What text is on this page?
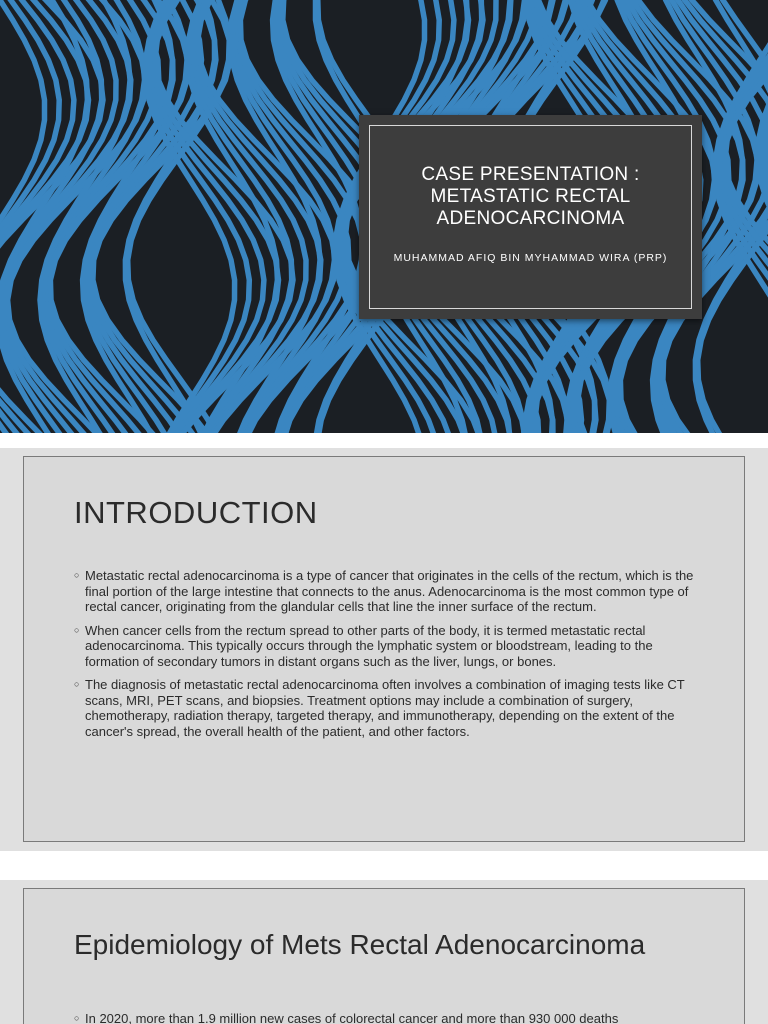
CASE PRESENTATION : METASTATIC RECTAL ADENOCARCINOMA
MUHAMMAD AFIQ BIN MYHAMMAD WIRA (PRP)
INTRODUCTION
○ Metastatic rectal adenocarcinoma is a type of cancer that originates in the cells of the rectum, which is the final portion of the large intestine that connects to the anus. Adenocarcinoma is the most common type of rectal cancer, originating from the glandular cells that line the inner surface of the rectum.
○ When cancer cells from the rectum spread to other parts of the body, it is termed metastatic rectal adenocarcinoma. This typically occurs through the lymphatic system or bloodstream, leading to the formation of secondary tumors in distant organs such as the liver, lungs, or bones.
○ The diagnosis of metastatic rectal adenocarcinoma often involves a combination of imaging tests like CT scans, MRI, PET scans, and biopsies. Treatment options may include a combination of surgery, chemotherapy, radiation therapy, targeted therapy, and immunotherapy, depending on the extent of the cancer's spread, the overall health of the patient, and other factors.
Epidemiology of Mets Rectal Adenocarcinoma
○ In 2020, more than 1.9 million new cases of colorectal cancer and more than 930 000 deaths
